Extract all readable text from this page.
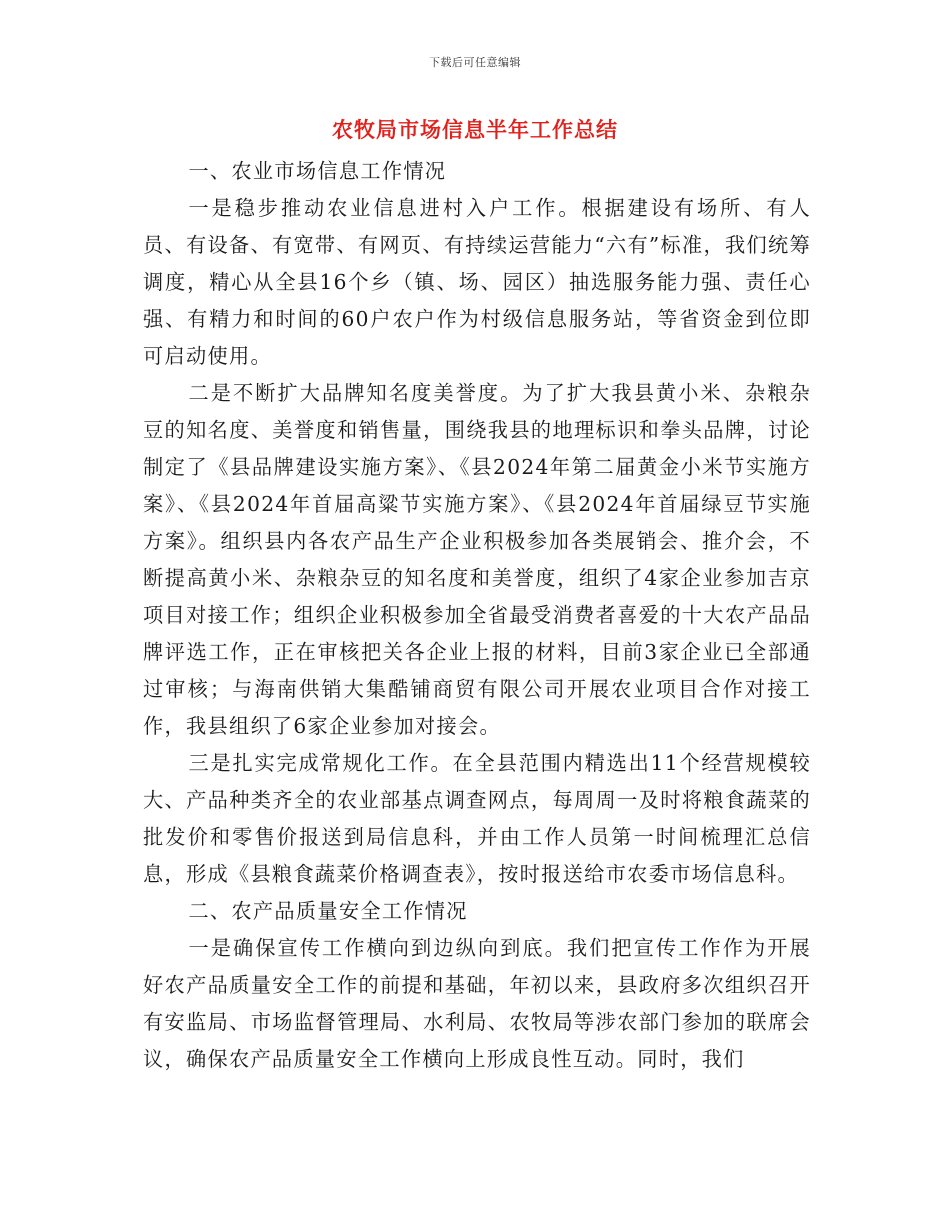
下载后可任意编辑
农牧局市场信息半年工作总结

一、农业市场信息工作情况

一是稳步推动农业信息进村入户工作。根据建设有场所、有人员、有设备、有宽带、有网页、有持续运营能力“六有”标准，我们统筹调度，精心从全县16个乡（镇、场、园区）抽选服务能力强、责任心强、有精力和时间的60户农户作为村级信息服务站，等省资金到位即可启动使用。

二是不断扩大品牌知名度美誉度。为了扩大我县黄小米、杂粮杂豆的知名度、美誉度和销售量，围绕我县的地理标识和拳头品牌，讨论制定了《县品牌建设实施方案》、《县2024年第二届黄金小米节实施方案》、《县2024年首届高粱节实施方案》、《县2024年首届绿豆节实施方案》。组织县内各农产品生产企业积极参加各类展销会、推介会，不断提高黄小米、杂粮杂豆的知名度和美誉度，组织了4家企业参加吉京项目对接工作；组织企业积极参加全省最受消费者喜爱的十大农产品品牌评选工作，正在审核把关各企业上报的材料，目前3家企业已全部通过审核；与海南供销大集酷铺商贸有限公司开展农业项目合作对接工作，我县组织了6家企业参加对接会。

三是扎实完成常规化工作。在全县范围内精选出11个经营规模较大、产品种类齐全的农业部基点调查网点，每周周一及时将粮食蔬菜的批发价和零售价报送到局信息科，并由工作人员第一时间梳理汇总信息，形成《县粮食蔬菜价格调查表》，按时报送给市农委市场信息科。

二、农产品质量安全工作情况

一是确保宣传工作横向到边纵向到底。我们把宣传工作作为开展好农产品质量安全工作的前提和基础，年初以来，县政府多次组织召开有安监局、市场监督管理局、水利局、农牧局等涉农部门参加的联席会议，确保农产品质量安全工作横向上形成良性互动。同时，我们
